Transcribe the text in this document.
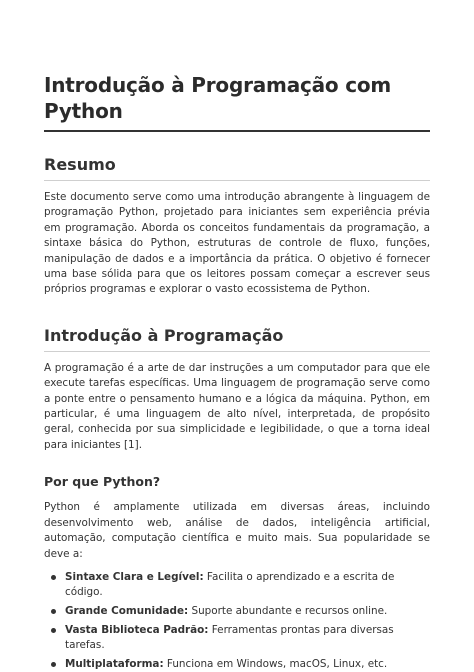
Introdução à Programação com Python
Resumo

Este documento serve como uma introdução abrangente à linguagem de programação Python, projetado para iniciantes sem experiência prévia em programação. Aborda os conceitos fundamentais da programação, a sintaxe básica do Python, estruturas de controle de fluxo, funções, manipulação de dados e a importância da prática. O objetivo é fornecer uma base sólida para que os leitores possam começar a escrever seus próprios programas e explorar o vasto ecossistema de Python.

Introdução à Programação

A programação é a arte de dar instruções a um computador para que ele execute tarefas específicas. Uma linguagem de programação serve como a ponte entre o pensamento humano e a lógica da máquina. Python, em particular, é uma linguagem de alto nível, interpretada, de propósito geral, conhecida por sua simplicidade e legibilidade, o que a torna ideal para iniciantes [1].

Por que Python?

Python é amplamente utilizada em diversas áreas, incluindo desenvolvimento web, análise de dados, inteligência artificial, automação, computação científica e muito mais. Sua popularidade se deve a:

Sintaxe Clara e Legível: Facilita o aprendizado e a escrita de código.
Grande Comunidade: Suporte abundante e recursos online.
Vasta Biblioteca Padrão: Ferramentas prontas para diversas tarefas.
Multiplataforma: Funciona em Windows, macOS, Linux, etc.
